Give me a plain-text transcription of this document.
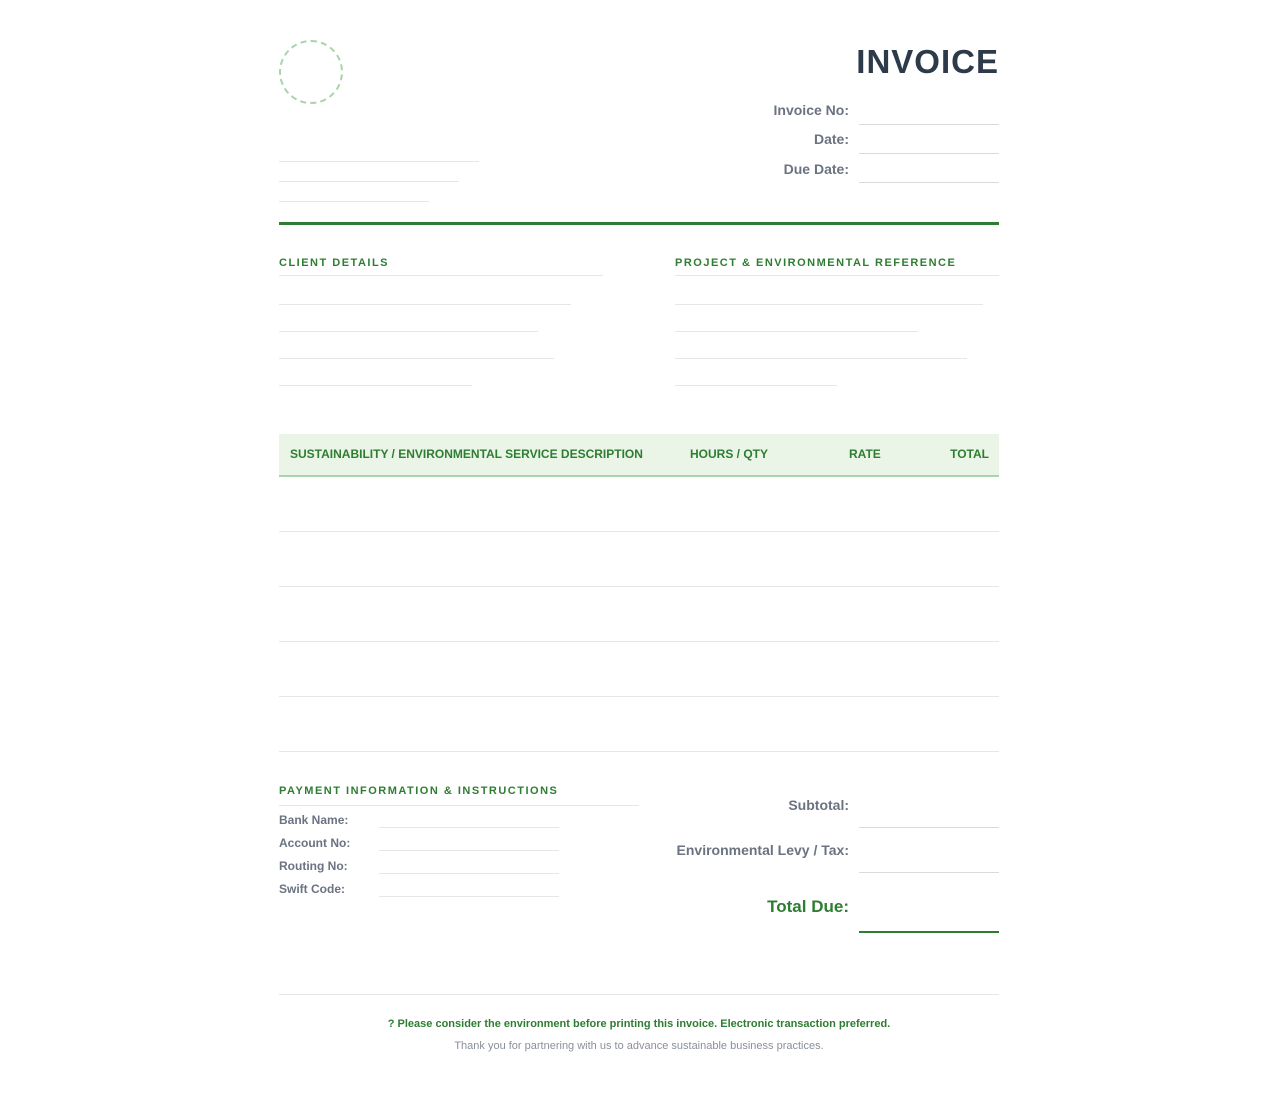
INVOICE
Invoice No:
Date:
Due Date:
CLIENT DETAILS	PROJECT & ENVIRONMENTAL REFERENCE
SUSTAINABILITY / ENVIRONMENTAL SERVICE DESCRIPTION	HOURS / QTY	RATE	TOTAL
PAYMENT INFORMATION & INSTRUCTIONS
Bank Name:
Account No:
Routing No:
Swift Code:
Subtotal:
Environmental Levy / Tax:
Total Due:
? Please consider the environment before printing this invoice. Electronic transaction preferred.
Thank you for partnering with us to advance sustainable business practices.
